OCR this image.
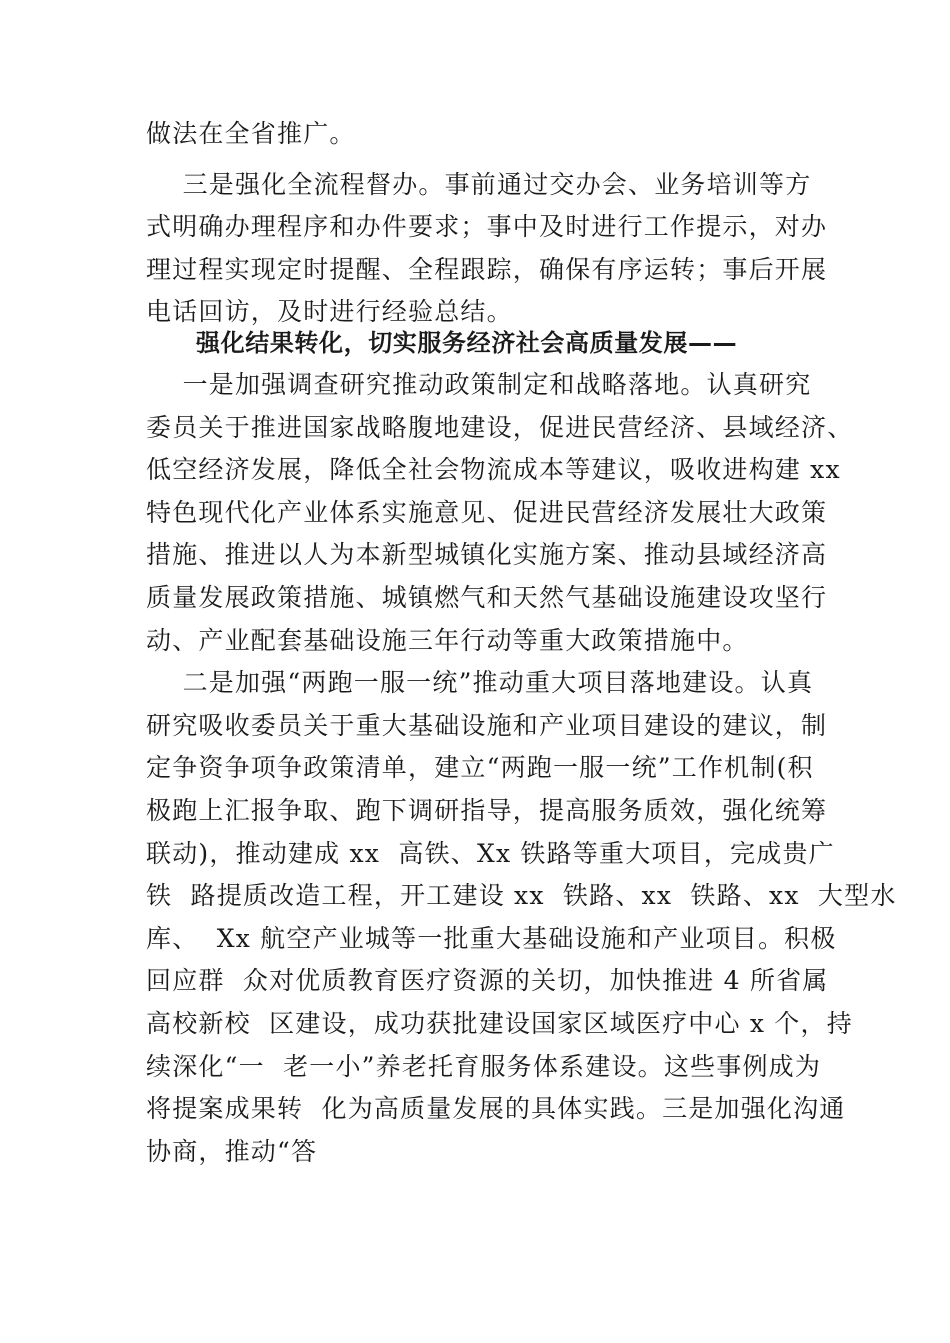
做法在全省推广。
三是强化全流程督办。事前通过交办会、业务培训等方
式明确办理程序和办件要求；事中及时进行工作提示，对办
理过程实现定时提醒、全程跟踪，确保有序运转；事后开展
电话回访，及时进行经验总结。
强化结果转化，切实服务经济社会高质量发展——
一是加强调查研究推动政策制定和战略落地。认真研究
委员关于推进国家战略腹地建设，促进民营经济、县域经济、
低空经济发展，降低全社会物流成本等建议，吸收进构建 xx
特色现代化产业体系实施意见、促进民营经济发展壮大政策
措施、推进以人为本新型城镇化实施方案、推动县域经济高
质量发展政策措施、城镇燃气和天然气基础设施建设攻坚行
动、产业配套基础设施三年行动等重大政策措施中。
二是加强“两跑一服一统”推动重大项目落地建设。认真
研究吸收委员关于重大基础设施和产业项目建设的建议，制
定争资争项争政策清单，建立“两跑一服一统”工作机制(积
极跑上汇报争取、跑下调研指导，提高服务质效，强化统筹
联动)，推动建成 xx  高铁、Xx 铁路等重大项目，完成贵广
铁  路提质改造工程，开工建设 xx  铁路、xx  铁路、xx  大型水
库、  Xx 航空产业城等一批重大基础设施和产业项目。积极
回应群  众对优质教育医疗资源的关切，加快推进 4 所省属
高校新校  区建设，成功获批建设国家区域医疗中心 x 个，持
续深化“一  老一小”养老托育服务体系建设。这些事例成为
将提案成果转  化为高质量发展的具体实践。三是加强化沟通
协商，推动“答
